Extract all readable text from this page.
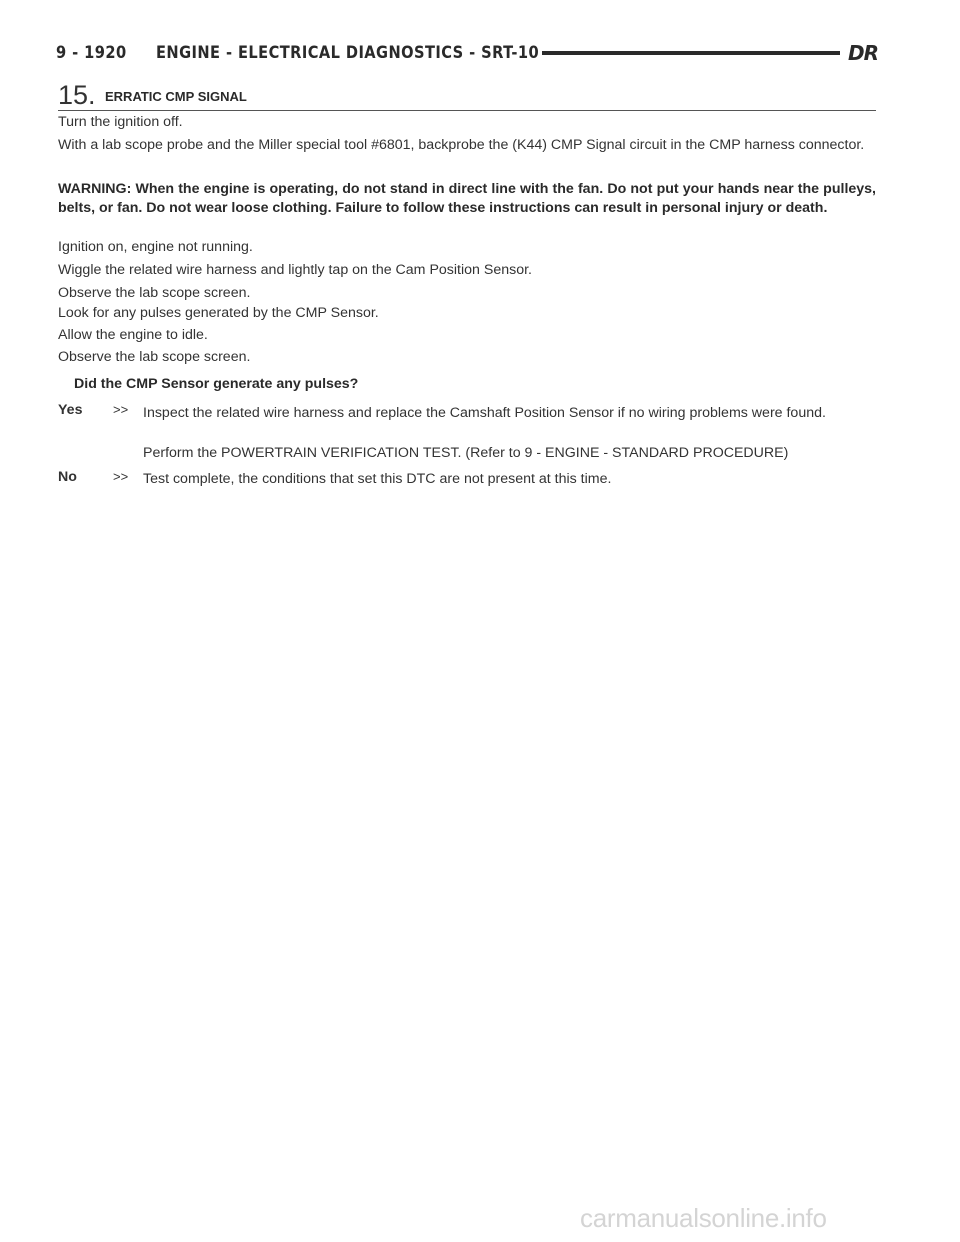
9 - 1920	ENGINE - ELECTRICAL DIAGNOSTICS - SRT-10	DR
15. ERRATIC CMP SIGNAL
Turn the ignition off.
With a lab scope probe and the Miller special tool #6801, backprobe the (K44) CMP Signal circuit in the CMP harness connector.
WARNING: When the engine is operating, do not stand in direct line with the fan. Do not put your hands near the pulleys, belts, or fan. Do not wear loose clothing. Failure to follow these instructions can result in personal injury or death.
Ignition on, engine not running.
Wiggle the related wire harness and lightly tap on the Cam Position Sensor.
Observe the lab scope screen.
Look for any pulses generated by the CMP Sensor.
Allow the engine to idle.
Observe the lab scope screen.
Did the CMP Sensor generate any pulses?
Yes >> Inspect the related wire harness and replace the Camshaft Position Sensor if no wiring problems were found.
Perform the POWERTRAIN VERIFICATION TEST. (Refer to 9 - ENGINE - STANDARD PROCEDURE)
No	>> Test complete, the conditions that set this DTC are not present at this time.
carmanualsonline.info
